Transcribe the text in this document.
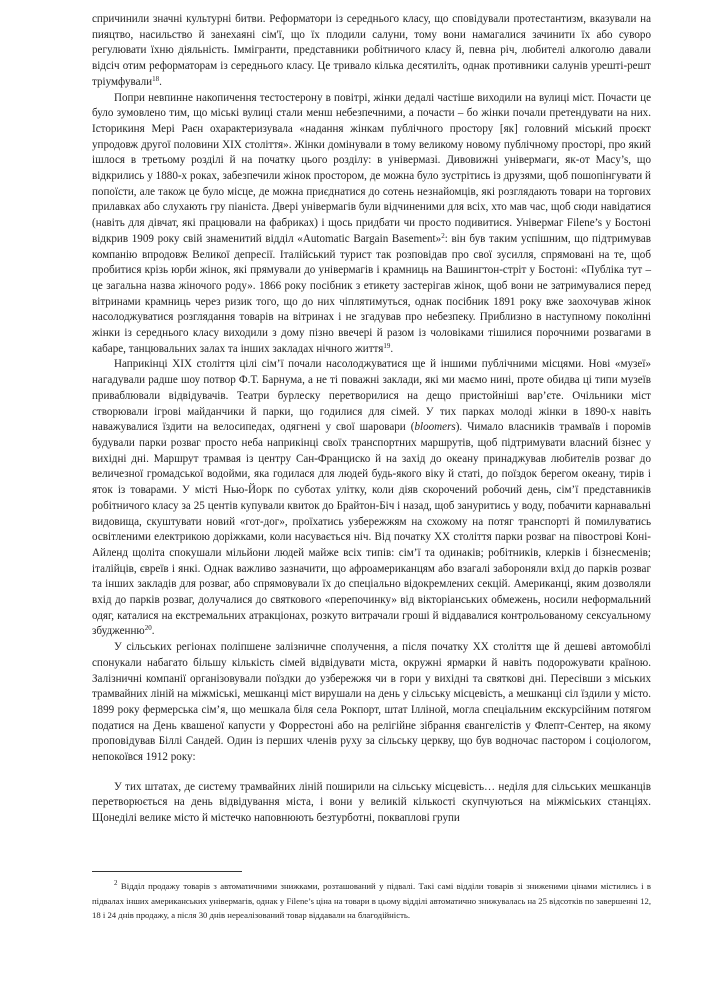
спричинили значні культурні битви. Реформатори із середнього класу, що сповідували протестантизм, вказували на пияцтво, насильство й занехаяні сім'ї, що їх плодили салуни, тому вони намагалися зачинити їх або суворо регулювати їхню діяльність. Іммігранти, представники робітничого класу й, певна річ, любителі алкоголю давали відсіч отим реформаторам із середнього класу. Це тривало кілька десятиліть, однак противники салунів урешті-решт тріумфували$^{18}$.

Попри невпинне накопичення тестостерону в повітрі, жінки дедалі частіше виходили на вулиці міст. Почасти це було зумовлено тим, що міські вулиці стали менш небезпечними, а почасти – бо жінки почали претендувати на них. Історикиня Мері Раєн охарактеризувала «надання жінкам публічного простору [як] головний міський проєкт упродовж другої половини XIX століття». Жінки домінували в тому великому новому публічному просторі, про який ішлося в третьому розділі й на початку цього розділу: в універмазі. Дивовижні універмаги, як-от Macy’s, що відкрились у 1880-х роках, забезпечили жінок простором, де можна було зустрітись із друзями, щоб пошопінгувати й попоїсти, але також це було місце, де можна приєднатися до сотень незнайомців, які розглядають товари на торгових прилавках або слухають гру піаніста. Двері універмагів були відчиненими для всіх, хто мав час, щоб сюди навідатися (навіть для дівчат, які працювали на фабриках) і щось придбати чи просто подивитися. Універмаг Filene’s у Бостоні відкрив 1909 року свій знаменитий відділ «Automatic Bargain Basement»$^2$: він був таким успішним, що підтримував компанію впродовж Великої депресії. Італійський турист так розповідав про свої зусилля, спрямовані на те, щоб пробитися крізь юрби жінок, які прямували до універмагів і крамниць на Вашингтон-стріт у Бостоні: «Публіка тут – це загальна назва жіночого роду». 1866 року посібник з етикету застерігав жінок, щоб вони не затримувалися перед вітринами крамниць через ризик того, що до них чіплятимуться, однак посібник 1891 року вже заохочував жінок насолоджуватися розглядання товарів на вітринах і не згадував про небезпеку. Приблизно в наступному поколінні жінки із середнього класу виходили з дому пізно ввечері й разом із чоловіками тішилися порочними розвагами в кабаре, танцювальних залах та інших закладах нічного життя$^{19}$.

Наприкінці XIX століття цілі сім’ї почали насолоджуватися ще й іншими публічними місцями. Нові «музеї» нагадували радше шоу потвор Ф.Т. Барнума, а не ті поважні заклади, які ми маємо нині, проте обидва ці типи музеїв приваблювали відвідувачів. Театри бурлеску перетворилися на дещо пристойніші вар’єте. Очільники міст створювали ігрові майданчики й парки, що годилися для сімей. У тих парках молоді жінки в 1890-х навіть наважувалися їздити на велосипедах, одягнені у свої шаровари (bloomers). Чимало власників трамваїв і поромів будували парки розваг просто неба наприкінці своїх транспортних маршрутів, щоб підтримувати власний бізнес у вихідні дні. Маршрут трамвая із центру Сан-Франциско й на захід до океану принаджував любителів розваг до величезної громадської водойми, яка годилася для людей будь-якого віку й статі, до поїздок берегом океану, тирів і яток із товарами. У місті Нью-Йорк по суботах улітку, коли діяв скорочений робочий день, сім’ї представників робітничого класу за 25 центів купували квиток до Брайтон-Біч і назад, щоб зануритись у воду, побачити карнавальні видовища, скуштувати новий «гот-дог», проїхатись узбережжям на схожому на потяг транспорті й помилуватись освітленими електрикою доріжками, коли насувається ніч. Від початку XX століття парки розваг на півострові Коні-Айленд щоліта спокушали мільйони людей майже всіх типів: сім’ї та одинаків; робітників, клерків і бізнесменів; італійців, євреїв і янкі. Однак важливо зазначити, що афроамериканцям або взагалі забороняли вхід до парків розваг та інших закладів для розваг, або спрямовували їх до спеціально відокремлених секцій. Американці, яким дозволяли вхід до парків розваг, долучалися до святкового «перепочинку» від вікторіанських обмежень, носили неформальний одяг, каталися на екстремальних атракціонах, розкуто витрачали гроші й віддавалися контрольованому сексуальному збудженню$^{20}$.

У сільських регіонах поліпшене залізничне сполучення, а після початку XX століття ще й дешеві автомобілі спонукали набагато більшу кількість сімей відвідувати міста, окружні ярмарки й навіть подорожувати країною. Залізничні компанії організовували поїздки до узбережжя чи в гори у вихідні та святкові дні. Пересівши з міських трамвайних ліній на міжміські, мешканці міст вирушали на день у сільську місцевість, а мешканці сіл їздили у місто. 1899 року фермерська сім’я, що мешкала біля села Рокпорт, штат Ілліной, могла спеціальним екскурсійним потягом податися на День квашеної капусти у Форрестоні або на релігійне зібрання євангелістів у Флепт-Сентер, на якому проповідував Біллі Сандей. Один із перших членів руху за сільську церкву, що був водночас пастором і соціологом, непокоївся 1912 року:

У тих штатах, де систему трамвайних ліній поширили на сільську місцевість… неділя для сільських мешканців перетворюється на день відвідування міста, і вони у великій кількості скупчуються на міжміських станціях. Щонеділі велике місто й містечко наповнюють безтурботні, покваплові групи

$^2$ Відділ продажу товарів з автоматичними знижками, розташований у підвалі. Такі самі відділи товарів зі зниженими цінами містились і в підвалах інших американських універмагів, однак у Filene’s ціна на товари в цьому відділі автоматично знижувалась на 25 відсотків по завершенні 12, 18 і 24 днів продажу, а після 30 днів нереалізований товар віддавали на благодійність.
